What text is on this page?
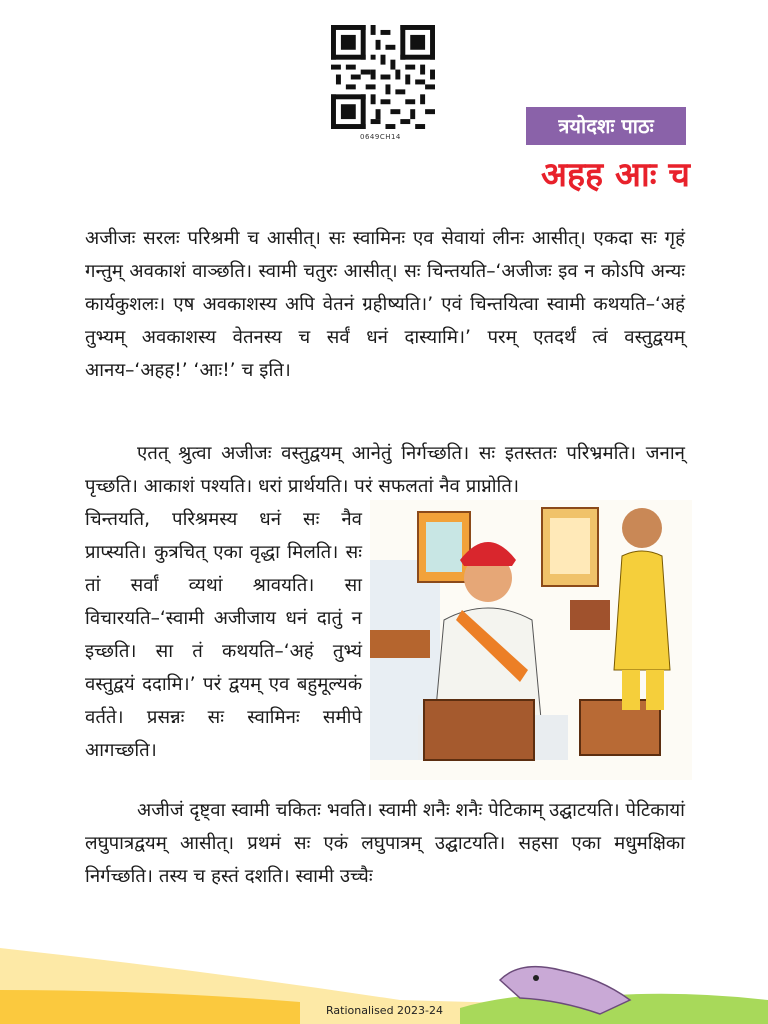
0649CH14	त्रयोदशः पाठः
अहह आः च
अजीजः सरलः परिश्रमी च आसीत्। सः स्वामिनः एव सेवायां लीनः आसीत्। एकदा सः गृहं गन्तुम् अवकाशं वाञ्छति। स्वामी चतुरः आसीत्। सः चिन्तयति–‘अजीजः इव न कोऽपि अन्यः कार्यकुशलः। एष अवकाशस्य अपि वेतनं ग्रहीष्यति।’ एवं चिन्तयित्वा स्वामी कथयति–‘अहं तुभ्यम् अवकाशस्य वेतनस्य च सर्वं धनं दास्यामि।’ परम् एतदर्थं त्वं वस्तुद्वयम् आनय–‘अहह!’ ‘आः!’ च इति।
एतत् श्रुत्वा अजीजः वस्तुद्वयम् आनेतुं निर्गच्छति। सः इतस्ततः परिभ्रमति। जनान् पृच्छति। आकाशं पश्यति। धरां प्रार्थयति। परं सफलतां नैव प्राप्नोति।
चिन्तयति, परिश्रमस्य धनं सः नैव प्राप्स्यति। कुत्रचित् एका वृद्धा मिलति। सः तां सर्वां व्यथां श्रावयति। सा विचारयति–‘स्वामी अजीजाय धनं दातुं न इच्छति। सा तं कथयति–‘अहं तुभ्यं वस्तुद्वयं ददामि।’ परं द्वयम् एव बहुमूल्यकं वर्तते। प्रसन्नः सः स्वामिनः समीपे आगच्छति।
अजीजं दृष्ट्वा स्वामी चकितः भवति। स्वामी शनैः शनैः पेटिकाम् उद्घाटयति। पेटिकायां लघुपात्रद्वयम् आसीत्। प्रथमं सः एकं लघुपात्रम् उद्घाटयति। सहसा एका मधुमक्षिका निर्गच्छति। तस्य च हस्तं दशति। स्वामी उच्चैः
Rationalised 2023-24
